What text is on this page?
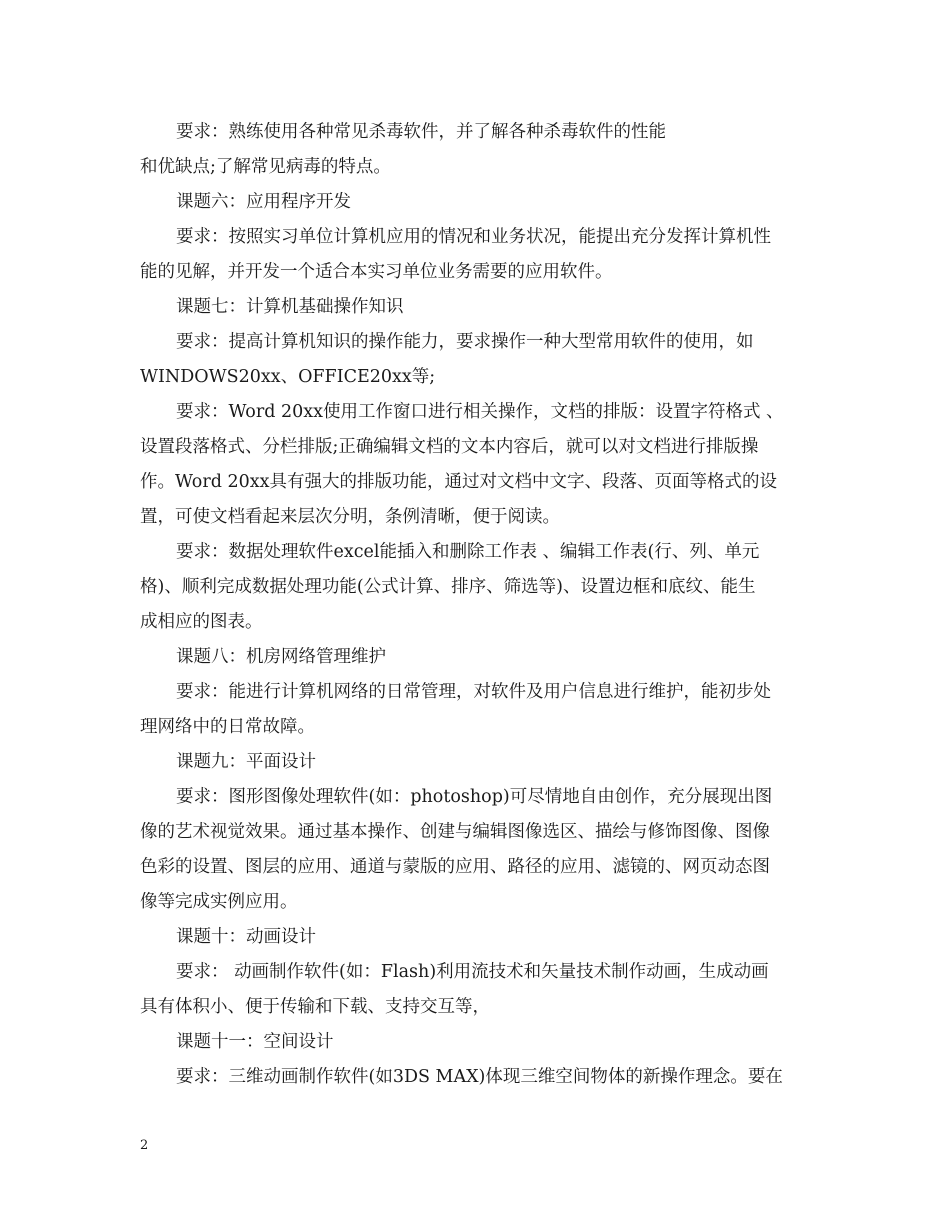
要求：熟练使用各种常见杀毒软件，并了解各种杀毒软件的性能
和优缺点;了解常见病毒的特点。

课题六：应用程序开发

要求：按照实习单位计算机应用的情况和业务状况，能提出充分发挥计算机性
能的见解，并开发一个适合本实习单位业务需要的应用软件。

课题七：计算机基础操作知识

要求：提高计算机知识的操作能力，要求操作一种大型常用软件的使用，如
WINDOWS20xx、OFFICE20xx等;

要求：Word 20xx使用工作窗口进行相关操作，文档的排版：设置字符格式 、
设置段落格式、分栏排版;正确编辑文档的文本内容后，就可以对文档进行排版操
作。Word 20xx具有强大的排版功能，通过对文档中文字、段落、页面等格式的设
置，可使文档看起来层次分明，条例清晰，便于阅读。

要求：数据处理软件excel能插入和删除工作表 、编辑工作表(行、列、单元
格)、顺利完成数据处理功能(公式计算、排序、筛选等)、设置边框和底纹、能生
成相应的图表。

课题八：机房网络管理维护

要求：能进行计算机网络的日常管理，对软件及用户信息进行维护，能初步处
理网络中的日常故障。

课题九：平面设计

要求：图形图像处理软件(如：photoshop)可尽情地自由创作，充分展现出图
像的艺术视觉效果。通过基本操作、创建与编辑图像选区、描绘与修饰图像、图像
色彩的设置、图层的应用、通道与蒙版的应用、路径的应用、滤镜的、网页动态图
像等完成实例应用。

课题十：动画设计

要求： 动画制作软件(如：Flash)利用流技术和矢量技术制作动画，生成动画
具有体积小、便于传输和下载、支持交互等，

课题十一：空间设计

要求：三维动画制作软件(如3DS MAX)体现三维空间物体的新操作理念。要在

2
